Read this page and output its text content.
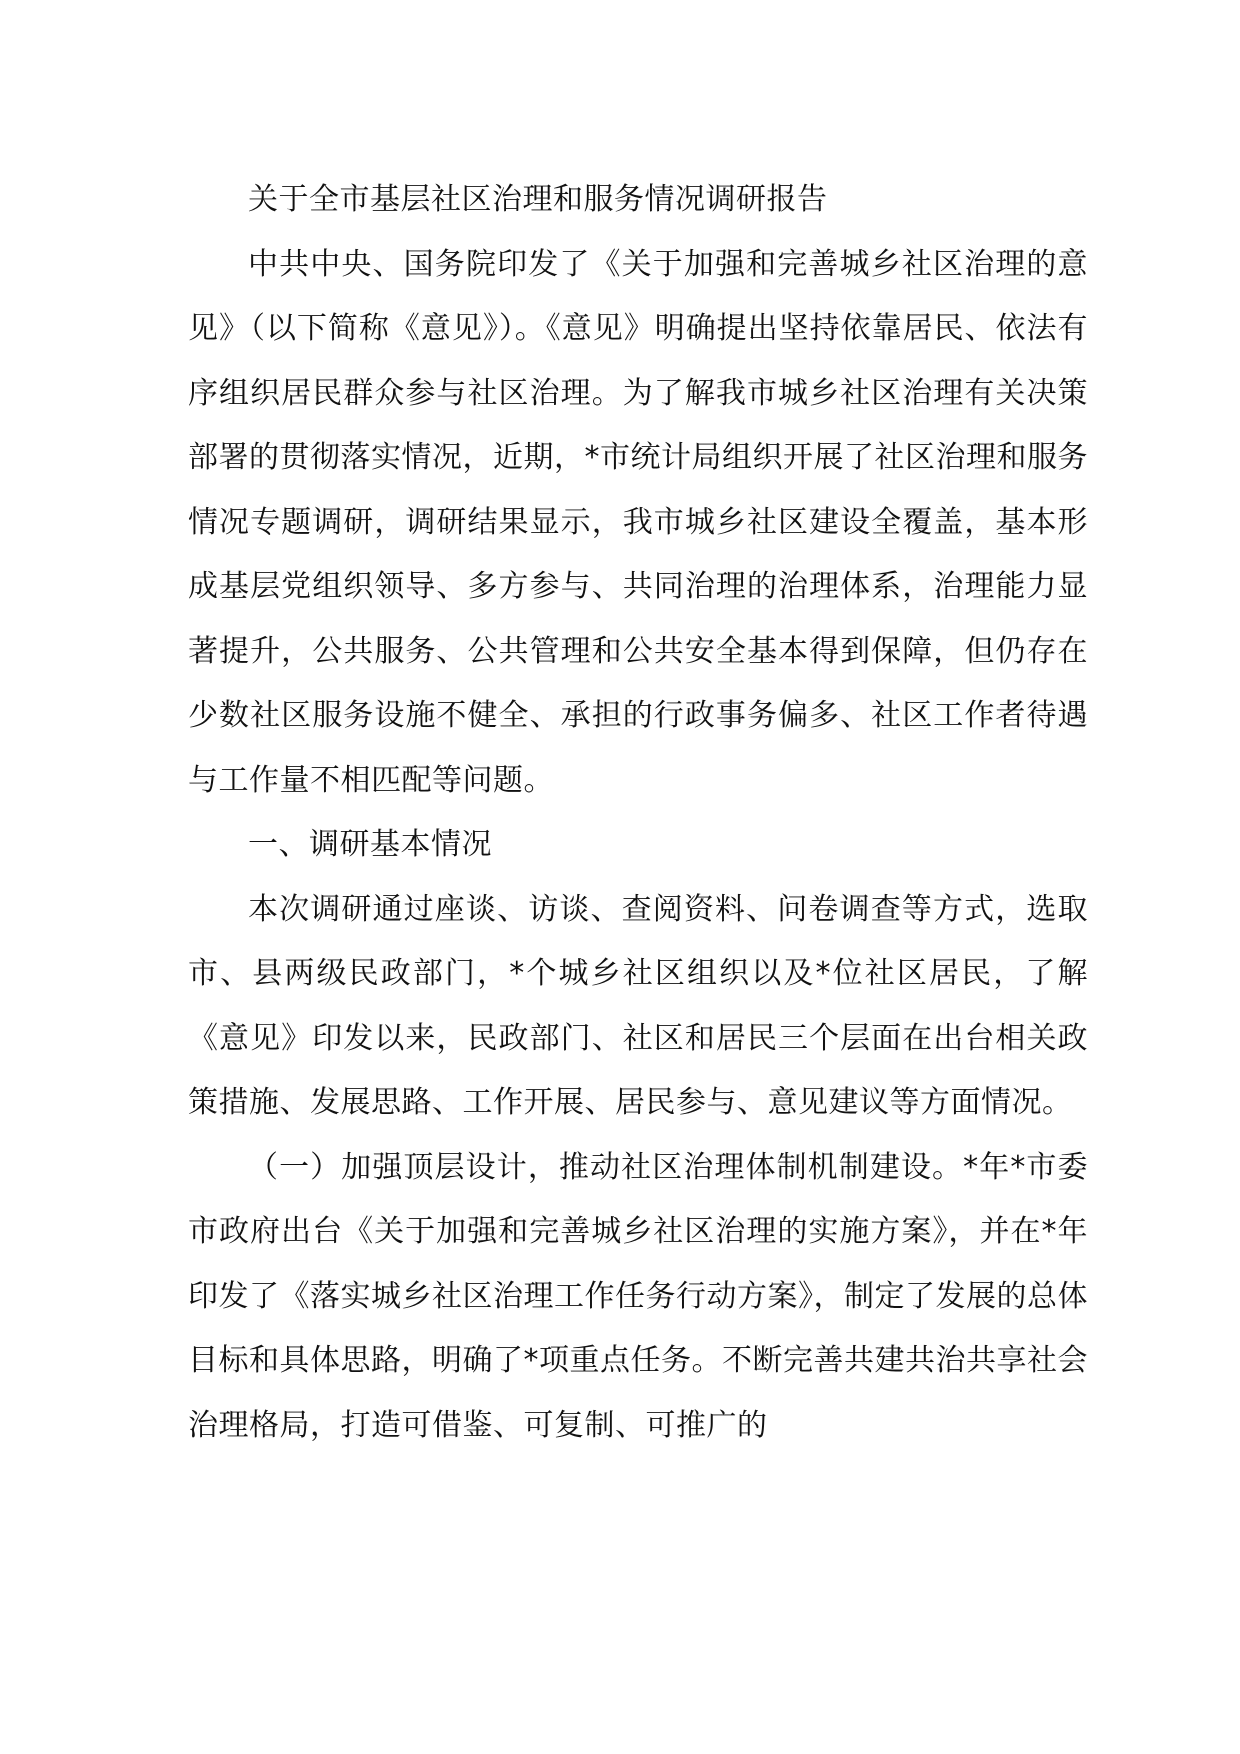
关于全市基层社区治理和服务情况调研报告

中共中央、国务院印发了《关于加强和完善城乡社区治理的意见》（以下简称《意见》）。《意见》明确提出坚持依靠居民、依法有序组织居民群众参与社区治理。为了解我市城乡社区治理有关决策部署的贯彻落实情况，近期，*市统计局组织开展了社区治理和服务情况专题调研，调研结果显示，我市城乡社区建设全覆盖，基本形成基层党组织领导、多方参与、共同治理的治理体系，治理能力显著提升，公共服务、公共管理和公共安全基本得到保障，但仍存在少数社区服务设施不健全、承担的行政事务偏多、社区工作者待遇与工作量不相匹配等问题。

一、调研基本情况

本次调研通过座谈、访谈、查阅资料、问卷调查等方式，选取市、县两级民政部门，*个城乡社区组织以及*位社区居民，了解《意见》印发以来，民政部门、社区和居民三个层面在出台相关政策措施、发展思路、工作开展、居民参与、意见建议等方面情况。

（一）加强顶层设计，推动社区治理体制机制建设。*年*市委市政府出台《关于加强和完善城乡社区治理的实施方案》，并在*年印发了《落实城乡社区治理工作任务行动方案》，制定了发展的总体目标和具体思路，明确了*项重点任务。不断完善共建共治共享社会治理格局，打造可借鉴、可复制、可推广的
